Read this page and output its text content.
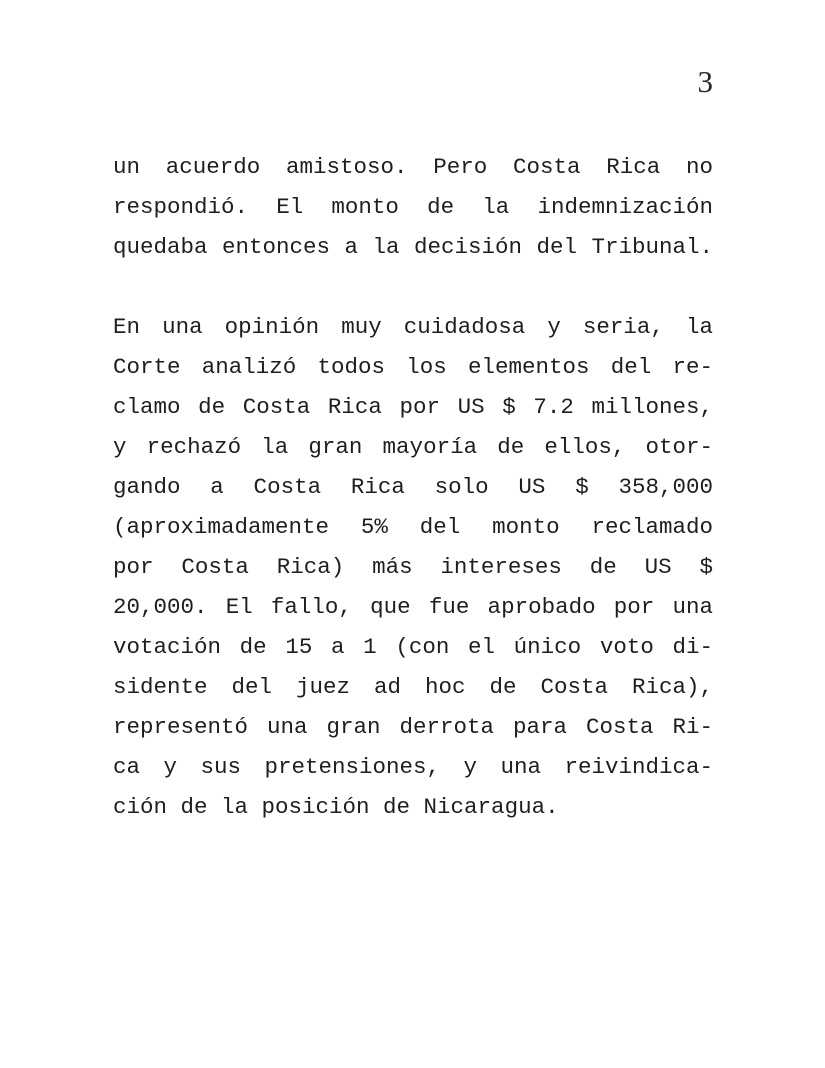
3
un acuerdo amistoso. Pero Costa Rica no
respondió. El monto de la indemnización
quedaba entonces a la decisión del Tribunal.
En una opinión muy cuidadosa y seria, la
Corte analizó todos los elementos del re-
clamo de Costa Rica por US $ 7.2 millones,
y rechazó la gran mayoría de ellos, otor-
gando a Costa Rica solo US $ 358,000
(aproximadamente 5% del monto reclamado
por Costa Rica) más intereses de US $
20,000. El fallo, que fue aprobado por una
votación de 15 a 1 (con el único voto di-
sidente del juez ad hoc de Costa Rica),
representó una gran derrota para Costa Ri-
ca y sus pretensiones, y una reivindica-
ción de la posición de Nicaragua.
